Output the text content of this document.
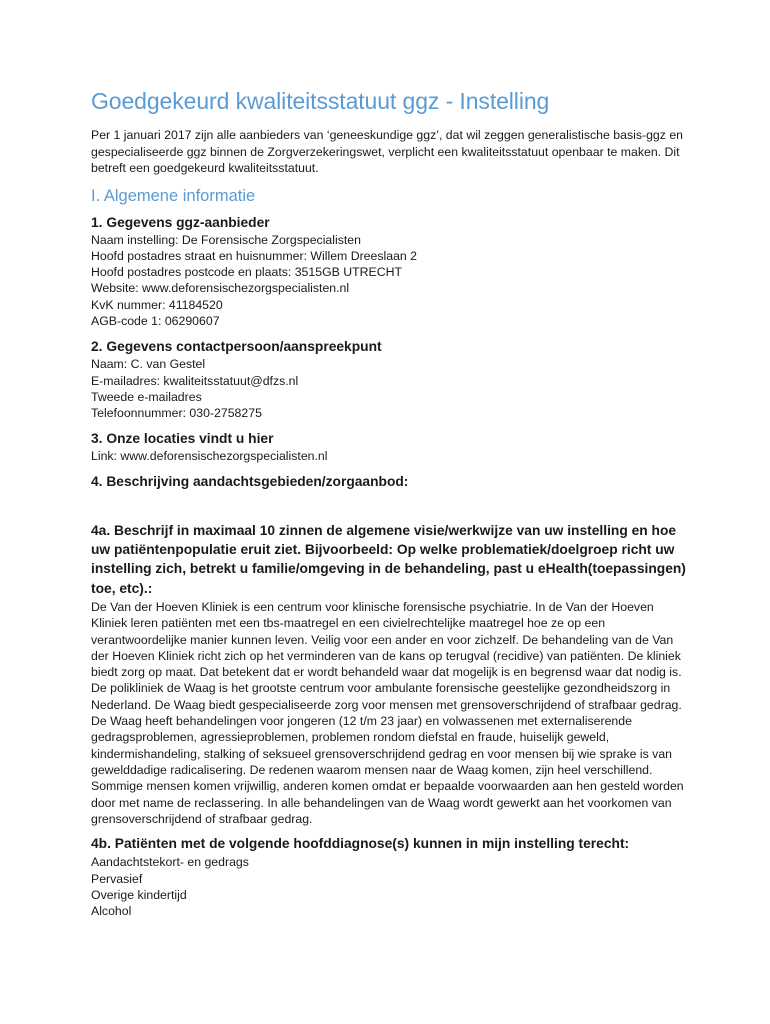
Goedgekeurd kwaliteitsstatuut ggz - Instelling

Per 1 januari 2017 zijn alle aanbieders van ‘geneeskundige ggz’, dat wil zeggen generalistische basis-ggz en gespecialiseerde ggz binnen de Zorgverzekeringswet, verplicht een kwaliteitsstatuut openbaar te maken. Dit betreft een goedgekeurd kwaliteitsstatuut.

I. Algemene informatie
1. Gegevens ggz-aanbieder
Naam instelling: De Forensische Zorgspecialisten
Hoofd postadres straat en huisnummer: Willem Dreeslaan 2
Hoofd postadres postcode en plaats: 3515GB UTRECHT
Website: www.deforensischezorgspecialisten.nl
KvK nummer: 41184520
AGB-code 1: 06290607
2. Gegevens contactpersoon/aanspreekpunt
Naam: C. van Gestel
E-mailadres: kwaliteitsstatuut@dfzs.nl
Tweede e-mailadres
Telefoonnummer: 030-2758275
3. Onze locaties vindt u hier
Link: www.deforensischezorgspecialisten.nl
4. Beschrijving aandachtsgebieden/zorgaanbod:

4a. Beschrijf in maximaal 10 zinnen de algemene visie/werkwijze van uw instelling en hoe uw patiëntenpopulatie eruit ziet. Bijvoorbeeld: Op welke problematiek/doelgroep richt uw instelling zich, betrekt u familie/omgeving in de behandeling, past u eHealth(toepassingen) toe, etc).:

De Van der Hoeven Kliniek is een centrum voor klinische forensische psychiatrie. In de Van der Hoeven Kliniek leren patiënten met een tbs-maatregel en een civielrechtelijke maatregel hoe ze op een verantwoordelijke manier kunnen leven. Veilig voor een ander en voor zichzelf. De behandeling van de Van der Hoeven Kliniek richt zich op het verminderen van de kans op terugval (recidive) van patiënten. De kliniek biedt zorg op maat. Dat betekent dat er wordt behandeld waar dat mogelijk is en begrensd waar dat nodig is.

De polikliniek de Waag is het grootste centrum voor ambulante forensische geestelijke gezondheidszorg in Nederland. De Waag biedt gespecialiseerde zorg voor mensen met grensoverschrijdend of strafbaar gedrag. De Waag heeft behandelingen voor jongeren (12 t/m 23 jaar) en volwassenen met externaliserende gedragsproblemen, agressieproblemen, problemen rondom diefstal en fraude, huiselijk geweld, kindermishandeling, stalking of seksueel grensoverschrijdend gedrag en voor mensen bij wie sprake is van gewelddadige radicalisering. De redenen waarom mensen naar de Waag komen, zijn heel verschillend. Sommige mensen komen vrijwillig, anderen komen omdat er bepaalde voorwaarden aan hen gesteld worden door met name de reclassering. In alle behandelingen van de Waag wordt gewerkt aan het voorkomen van grensoverschrijdend of strafbaar gedrag.

4b. Patiënten met de volgende hoofddiagnose(s) kunnen in mijn instelling terecht:

Aandachtstekort- en gedrags
Pervasief
Overige kindertijd
Alcohol
